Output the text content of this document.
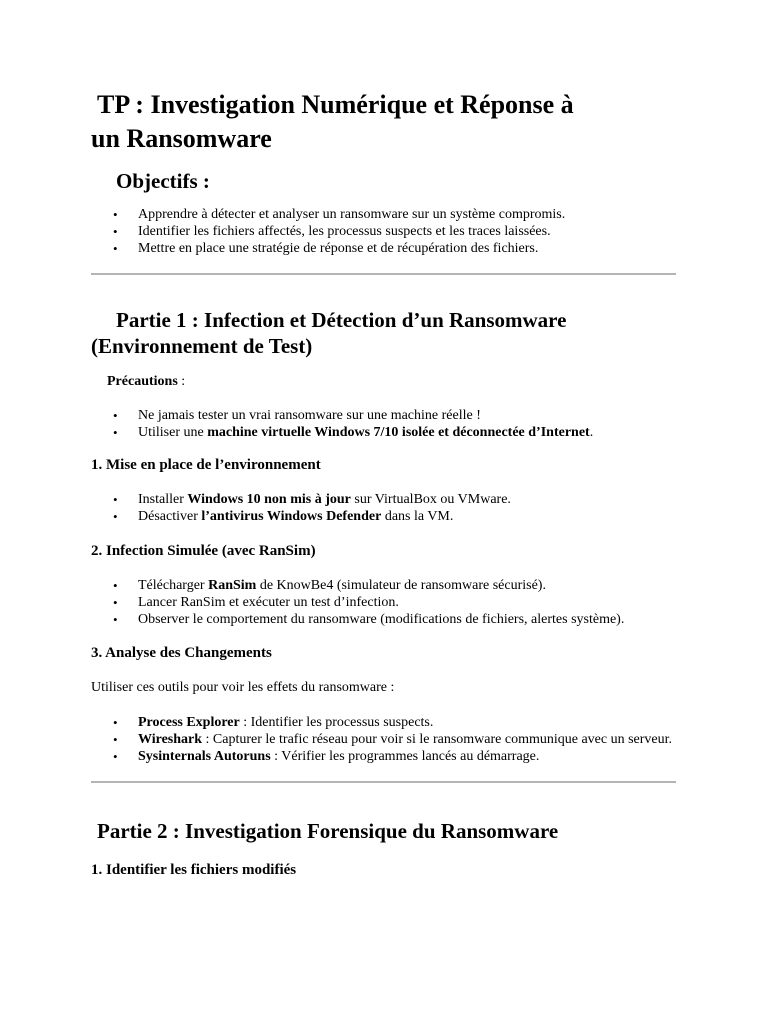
TP : Investigation Numérique et Réponse à
un Ransomware
Objectifs :
• Apprendre à détecter et analyser un ransomware sur un système compromis.
• Identifier les fichiers affectés, les processus suspects et les traces laissées.
• Mettre en place une stratégie de réponse et de récupération des fichiers.
Partie 1 : Infection et Détection d’un Ransomware
(Environnement de Test)

Précautions :

• Ne jamais tester un vrai ransomware sur une machine réelle !
• Utiliser une machine virtuelle Windows 7/10 isolée et déconnectée d’Internet.
1. Mise en place de l’environnement
• Installer Windows 10 non mis à jour sur VirtualBox ou VMware.
• Désactiver l’antivirus Windows Defender dans la VM.
2. Infection Simulée (avec RanSim)
• Télécharger RanSim de KnowBe4 (simulateur de ransomware sécurisé).
• Lancer RanSim et exécuter un test d’infection.
• Observer le comportement du ransomware (modifications de fichiers, alertes système).
3. Analyse des Changements

Utiliser ces outils pour voir les effets du ransomware :

• Process Explorer : Identifier les processus suspects.
• Wireshark : Capturer le trafic réseau pour voir si le ransomware communique avec un serveur.
• Sysinternals Autoruns : Vérifier les programmes lancés au démarrage.
Partie 2 : Investigation Forensique du Ransomware
1. Identifier les fichiers modifiés
